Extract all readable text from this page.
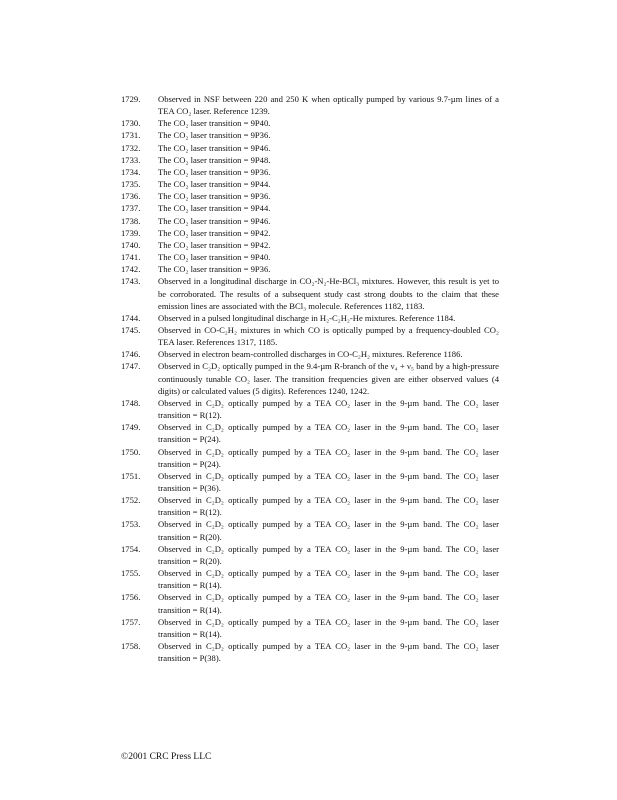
1729.	Observed in NSF between 220 and 250 K when optically pumped by various 9.7-µm lines of a TEA CO₂ laser. Reference 1239.
1730.	The CO₂ laser transition = 9P40.
1731.	The CO₂ laser transition = 9P36.
1732.	The CO₂ laser transition = 9P46.
1733.	The CO₂ laser transition = 9P48.
1734.	The CO₂ laser transition = 9P36.
1735.	The CO₂ laser transition = 9P44.
1736.	The CO₂ laser transition = 9P36.
1737.	The CO₂ laser transition = 9P44.
1738.	The CO₂ laser transition = 9P46.
1739.	The CO₂ laser transition = 9P42.
1740.	The CO₂ laser transition = 9P42.
1741.	The CO₂ laser transition = 9P40.
1742.	The CO₂ laser transition = 9P36.
1743.	Observed in a longitudinal discharge in CO₂-N₂-He-BCl₃ mixtures. However, this result is yet to be corroborated. The results of a subsequent study cast strong doubts to the claim that these emission lines are associated with the BCl₃ molecule. References 1182, 1183.
1744.	Observed in a pulsed longitudinal discharge in H₂-C₂H₂-He mixtures. Reference 1184.
1745.	Observed in CO-C₂H₂ mixtures in which CO is optically pumped by a frequency-doubled CO₂ TEA laser. References 1317, 1185.
1746.	Observed in electron beam-controlled discharges in CO-C₂H₂ mixtures. Reference 1186.
1747.	Observed in C₂D₂ optically pumped in the 9.4-µm R-branch of the ν₄ + ν₅ band by a high-pressure continuously tunable CO₂ laser. The transition frequencies given are either observed values (4 digits) or calculated values (5 digits). References 1240, 1242.
1748.	Observed in C₂D₂ optically pumped by a TEA CO₂ laser in the 9-µm band. The CO₂ laser transition = R(12).
1749.	Observed in C₂D₂ optically pumped by a TEA CO₂ laser in the 9-µm band. The CO₂ laser transition = P(24).
1750.	Observed in C₂D₂ optically pumped by a TEA CO₂ laser in the 9-µm band. The CO₂ laser transition = P(24).
1751.	Observed in C₂D₂ optically pumped by a TEA CO₂ laser in the 9-µm band. The CO₂ laser transition = P(36).
1752.	Observed in C₂D₂ optically pumped by a TEA CO₂ laser in the 9-µm band. The CO₂ laser transition = R(12).
1753.	Observed in C₂D₂ optically pumped by a TEA CO₂ laser in the 9-µm band. The CO₂ laser transition = R(20).
1754.	Observed in C₂D₂ optically pumped by a TEA CO₂ laser in the 9-µm band. The CO₂ laser transition = R(20).
1755.	Observed in C₂D₂ optically pumped by a TEA CO₂ laser in the 9-µm band. The CO₂ laser transition = R(14).
1756.	Observed in C₂D₂ optically pumped by a TEA CO₂ laser in the 9-µm band. The CO₂ laser transition = R(14).
1757.	Observed in C₂D₂ optically pumped by a TEA CO₂ laser in the 9-µm band. The CO₂ laser transition = R(14).
1758.	Observed in C₂D₂ optically pumped by a TEA CO₂ laser in the 9-µm band. The CO₂ laser transition = P(38).
©2001 CRC Press LLC
